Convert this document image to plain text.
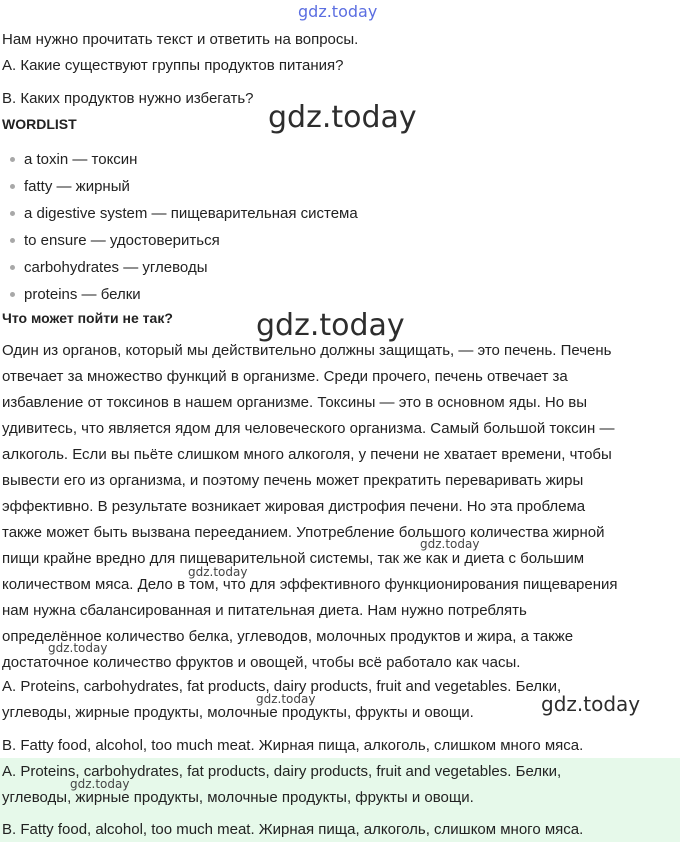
gdz.today
Нам нужно прочитать текст и ответить на вопросы.
А. Какие существуют группы продуктов питания?
B. Каких продуктов нужно избегать?
gdz.today
WORDLIST
a toxin — токсин
fatty — жирный
a digestive system — пищеварительная система
to ensure — удостовериться
carbohydrates — углеводы
proteins — белки
Что может пойти не так?	gdz.today
Один из органов, который мы действительно должны защищать, — это печень. Печень
отвечает за множество функций в организме. Среди прочего, печень отвечает за
избавление от токсинов в нашем организме. Токсины — это в основном яды. Но вы
удивитесь, что является ядом для человеческого организма. Самый большой токсин —
алкоголь. Если вы пьёте слишком много алкоголя, у печени не хватает времени, чтобы
вывести его из организма, и поэтому печень может прекратить переваривать жиры
эффективно. В результате возникает жировая дистрофия печени. Но эта проблема
также может быть вызвана перееданием. Употребление большого количества жирной
пищи крайне вредно для пищеварительной системы, так же как и диета с большим
количеством мяса. Дело в том, что для эффективного функционирования пищеварения
нам нужна сбалансированная и питательная диета. Нам нужно потреблять
определённое количество белка, углеводов, молочных продуктов и жира, а также
достаточное количество фруктов и овощей, чтобы всё работало как часы.
gdz.today
gdz.today
gdz.today
A. Proteins, carbohydrates, fat products, dairy products, fruit and vegetables. Белки,
gdz.today
углеводы, жирные продукты, молочные продукты, фрукты и овощи.	gdz.today
B. Fatty food, alcohol, too much meat. Жирная пища, алкоголь, слишком много мяса.
A. Proteins, carbohydrates, fat products, dairy products, fruit and vegetables. Белки,
gdz.today
углеводы, жирные продукты, молочные продукты, фрукты и овощи.
B. Fatty food, alcohol, too much meat. Жирная пища, алкоголь, слишком много мяса.
